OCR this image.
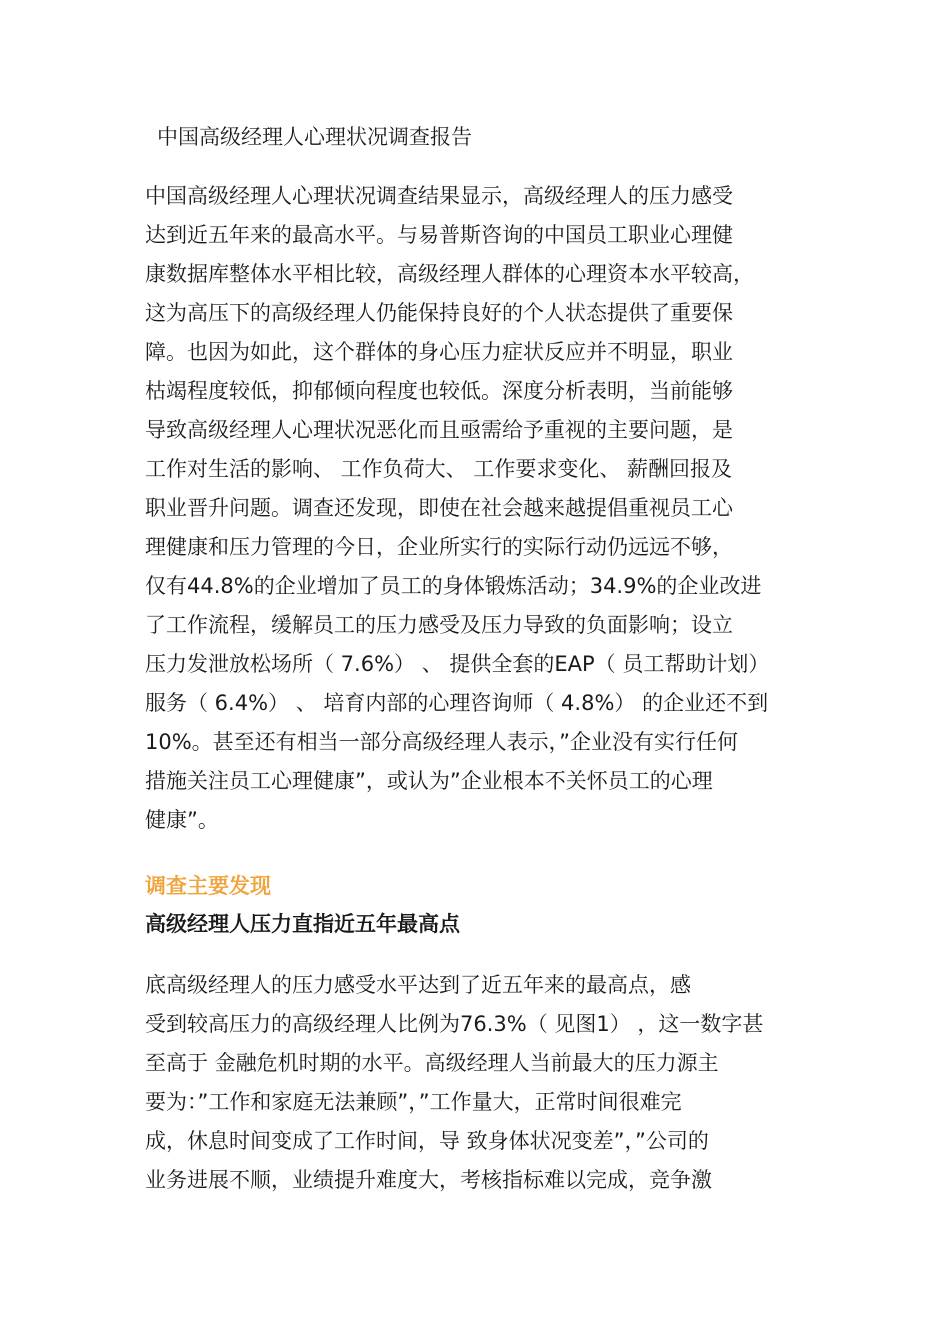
中国高级经理人心理状况调查报告
中国高级经理人心理状况调查结果显示，高级经理人的压力感受
达到近五年来的最高水平。与易普斯咨询的中国员工职业心理健
康数据库整体水平相比较，高级经理人群体的心理资本水平较高，
这为高压下的高级经理人仍能保持良好的个人状态提供了重要保
障。也因为如此，这个群体的身心压力症状反应并不明显，职业
枯竭程度较低，抑郁倾向程度也较低。深度分析表明，当前能够
导致高级经理人心理状况恶化而且亟需给予重视的主要问题，是
工作对生活的影响、 工作负荷大、 工作要求变化、 薪酬回报及
职业晋升问题。调查还发现，即使在社会越来越提倡重视员工心
理健康和压力管理的今日，企业所实行的实际行动仍远远不够，
仅有44.8%的企业增加了员工的身体锻炼活动；34.9%的企业改进
了工作流程，缓解员工的压力感受及压力导致的负面影响；设立
压力发泄放松场所（ 7.6%） 、 提供全套的EAP（ 员工帮助计划）
服务（ 6.4%） 、 培育内部的心理咨询师（ 4.8%） 的企业还不到
10%。甚至还有相当一部分高级经理人表示，”企业没有实行任何
措施关注员工心理健康”，或认为”企业根本不关怀员工的心理
健康”。
调查主要发现
高级经理人压力直指近五年最高点
底高级经理人的压力感受水平达到了近五年来的最高点，感
受到较高压力的高级经理人比例为76.3%（ 见图1） ，这一数字甚
至高于 金融危机时期的水平。高级经理人当前最大的压力源主
要为：”工作和家庭无法兼顾”，”工作量大，正常时间很难完
成，休息时间变成了工作时间，导 致身体状况变差”，”公司的
业务进展不顺，业绩提升难度大，考核指标难以完成，竞争激
